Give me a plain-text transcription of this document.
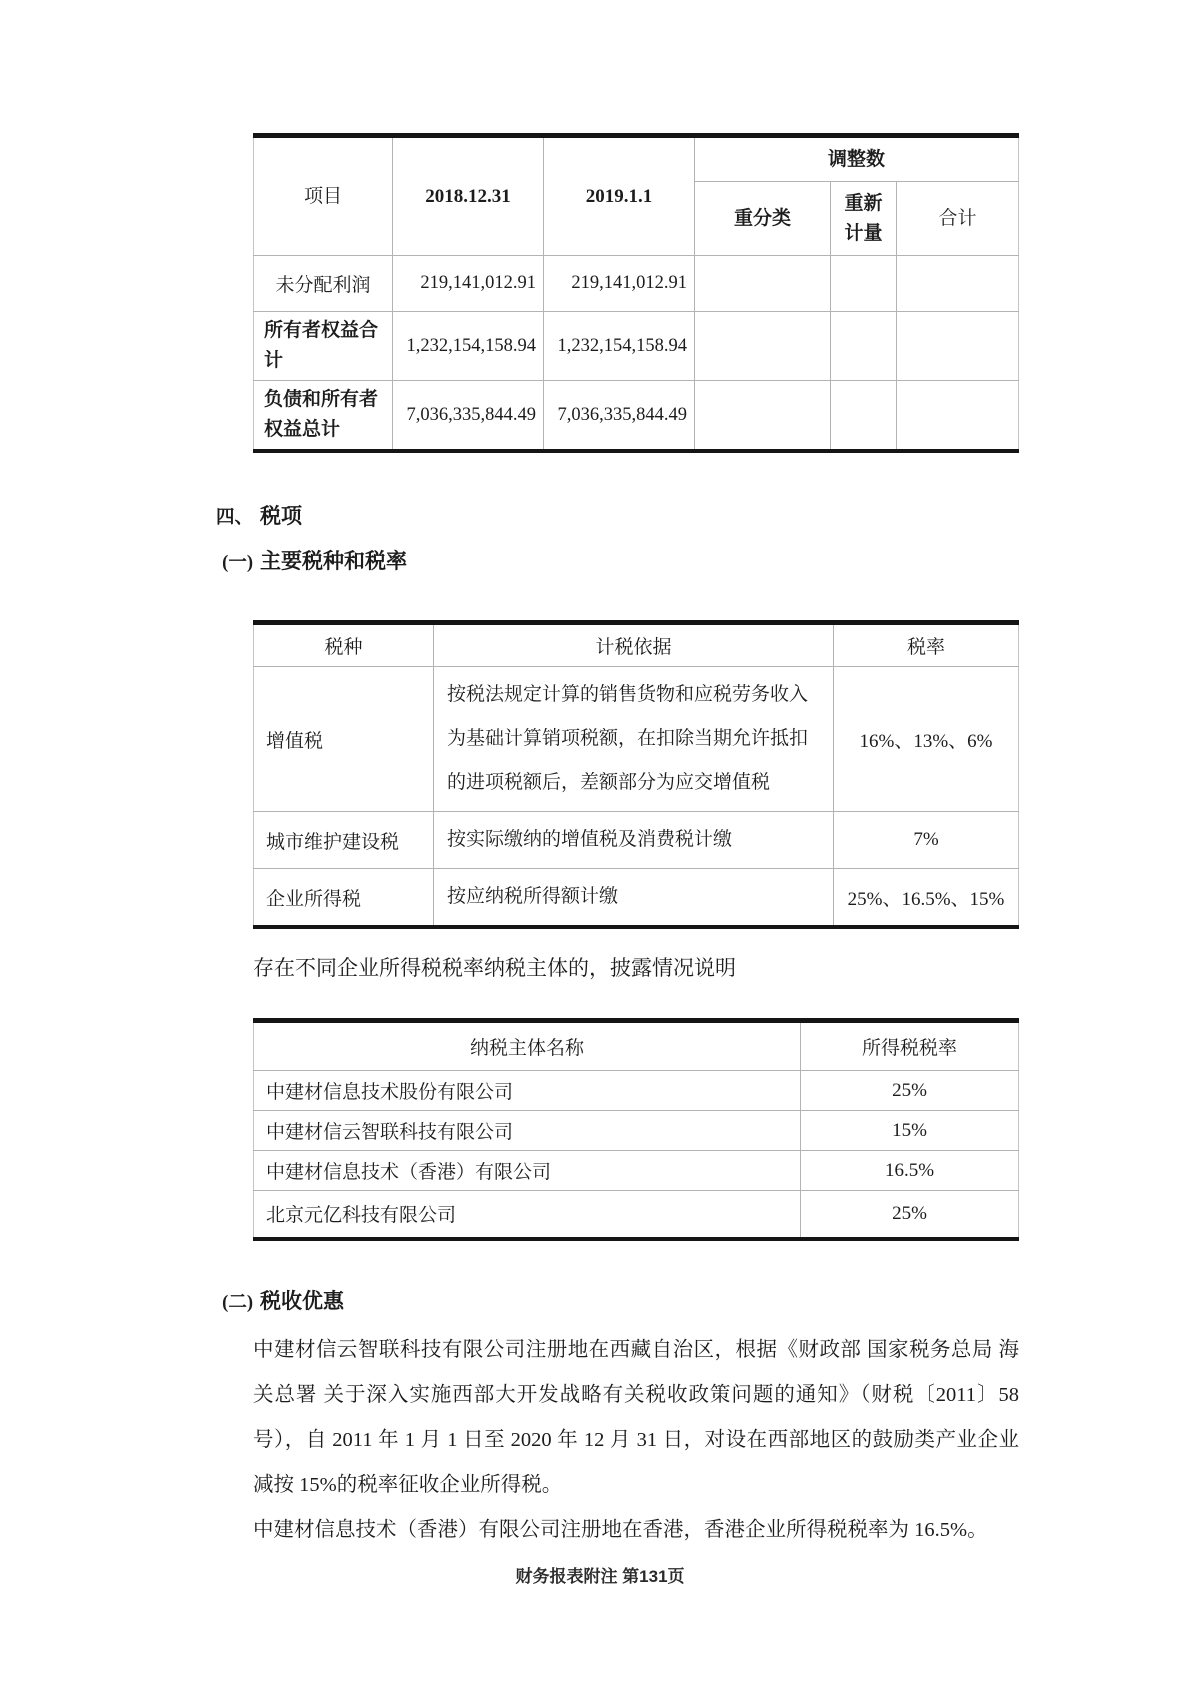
项目	2018.12.31	2019.1.1	调整数		
			重分类	重新计量	合计
未分配利润	219,141,012.91	219,141,012.91			
所有者权益合计	1,232,154,158.94	1,232,154,158.94			
负债和所有者权益总计	7,036,335,844.49	7,036,335,844.49			
四、 税项
(一) 主要税种和税率
税种	计税依据	税率
增值税	按税法规定计算的销售货物和应税劳务收入为基础计算销项税额，在扣除当期允许抵扣的进项税额后，差额部分为应交增值税	16%、13%、6%
城市维护建设税	按实际缴纳的增值税及消费税计缴	7%
企业所得税	按应纳税所得额计缴	25%、16.5%、15%
存在不同企业所得税税率纳税主体的，披露情况说明
纳税主体名称	所得税税率
中建材信息技术股份有限公司	25%
中建材信云智联科技有限公司	15%
中建材信息技术（香港）有限公司	16.5%
北京元亿科技有限公司	25%
(二) 税收优惠

中建材信云智联科技有限公司注册地在西藏自治区，根据《财政部 国家税务总局 海关总署 关于深入实施西部大开发战略有关税收政策问题的通知》（财税〔2011〕58号），自 2011 年 1 月 1 日至 2020 年 12 月 31 日，对设在西部地区的鼓励类产业企业减按 15%的税率征收企业所得税。

中建材信息技术（香港）有限公司注册地在香港，香港企业所得税税率为 16.5%。

财务报表附注 第131页
